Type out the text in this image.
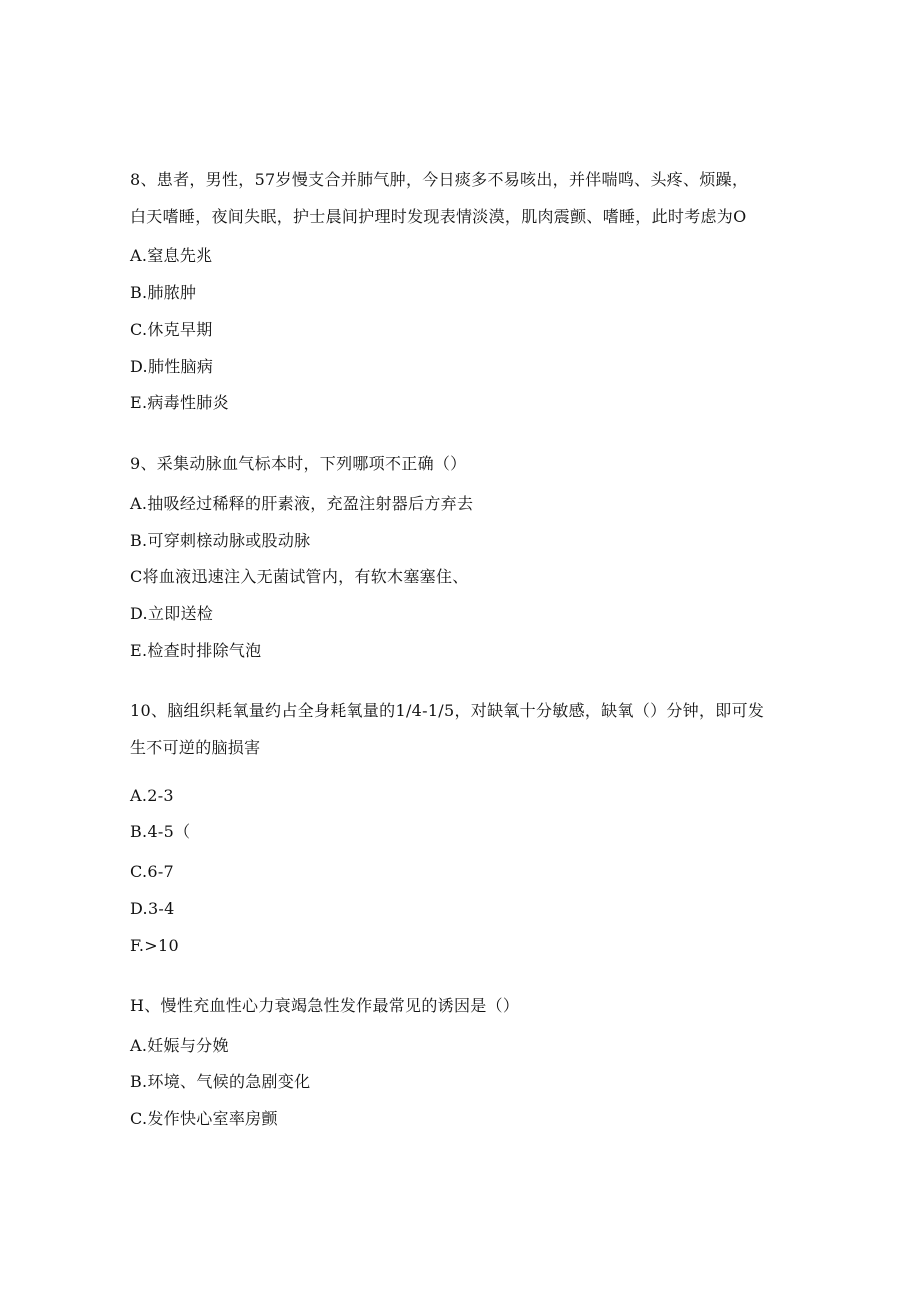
8、患者，男性，57岁慢支合并肺气肿，今日痰多不易咳出，并伴喘鸣、头疼、烦躁，

白天嗜睡，夜间失眠，护士晨间护理时发现表情淡漠，肌肉震颤、嗜睡，此时考虑为O

A.窒息先兆

B.肺脓肿

C.休克早期

D.肺性脑病

E.病毒性肺炎

9、采集动脉血气标本时，下列哪项不正确（）

A.抽吸经过稀释的肝素液，充盈注射器后方弃去

B.可穿刺榇动脉或股动脉

C将血液迅速注入无菌试管内，有软木塞塞住、

D.立即送检

E.检查时排除气泡

10、脑组织耗氧量约占全身耗氧量的1/4-1/5，对缺氧十分敏感，缺氧（）分钟，即可发

生不可逆的脑损害

A.2-3

B.4-5（

C.6-7

D.3-4

F.>10

H、慢性充血性心力衰竭急性发作最常见的诱因是（）

A.妊娠与分娩

B.环境、气候的急剧变化

C.发作快心室率房颤
